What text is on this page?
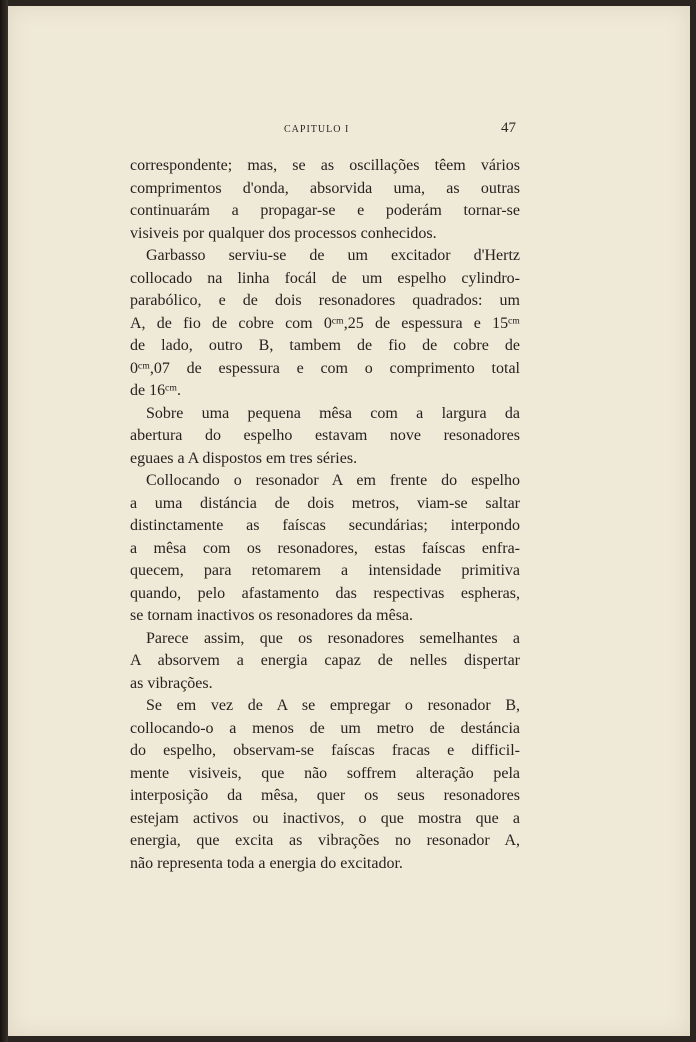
CAPITULO I	47
correspondente; mas, se as oscillações têem vários
comprimentos d'onda, absorvida uma, as outras
continuarám a propagar-se e poderám tornar-se
visiveis por qualquer dos processos conhecidos.
Garbasso serviu-se de um excitador d'Hertz
collocado na linha focál de um espelho cylindro-
parabólico, e de dois resonadores quadrados: um
A, de fio de cobre com 0ᶜᵐ,25 de espessura e 15ᶜᵐ
de lado, outro B, tambem de fio de cobre de
0ᶜᵐ,07 de espessura e com o comprimento total
de 16ᶜᵐ.
Sobre uma pequena mêsa com a largura da
abertura do espelho estavam nove resonadores
eguaes a A dispostos em tres séries.
Collocando o resonador A em frente do espelho
a uma distáncia de dois metros, viam-se saltar
distinctamente as faíscas secundárias; interpondo
a mêsa com os resonadores, estas faíscas enfra-
quecem, para retomarem a intensidade primitiva
quando, pelo afastamento das respectivas espheras,
se tornam inactivos os resonadores da mêsa.
Parece assim, que os resonadores semelhantes a
A absorvem a energia capaz de nelles dispertar
as vibrações.
Se em vez de A se empregar o resonador B,
collocando-o a menos de um metro de destáncia
do espelho, observam-se faíscas fracas e difficil-
mente visiveis, que não soffrem alteração pela
interposição da mêsa, quer os seus resonadores
estejam activos ou inactivos, o que mostra que a
energia, que excita as vibrações no resonador A,
não representa toda a energia do excitador.
